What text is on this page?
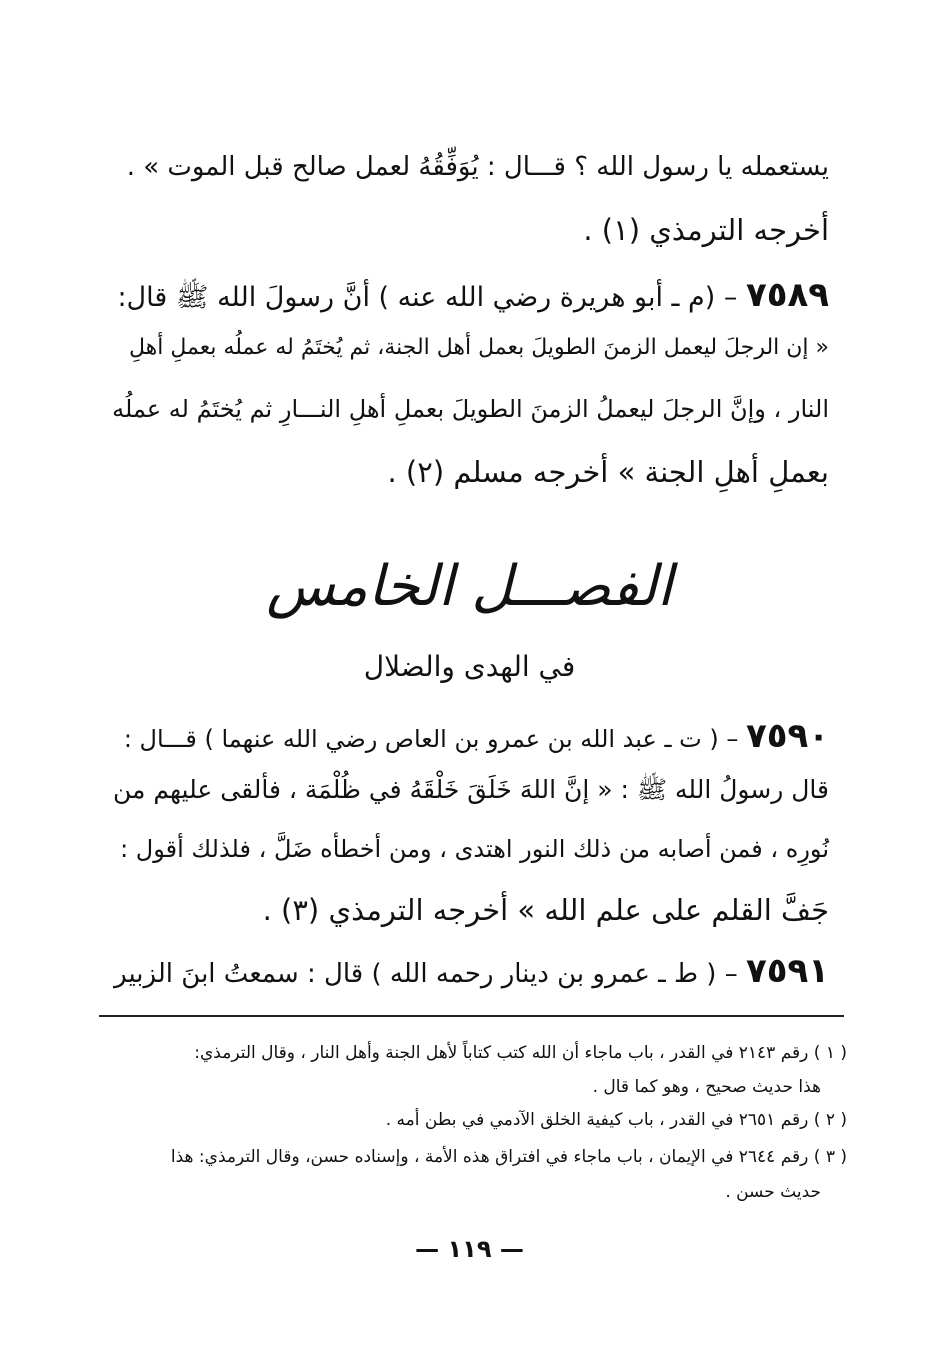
يستعمله يا رسول الله ؟ قـــال : يُوَفِّقُهُ لعمل صالح قبل الموت » .
أخرجه الترمذي (١) .
٧٥٨٩ – (م ـ أبو هريرة رضي الله عنه ) أنَّ رسولَ الله ﷺ قال:
« إن الرجلَ ليعمل الزمنَ الطويلَ بعمل أهل الجنة، ثم يُختَمُ له عملُه بعملِ أهلِ
النار ، وإنَّ الرجلَ ليعملُ الزمنَ الطويلَ بعملِ أهلِ النـــارِ ثم يُختَمُ له عملُه
بعملِ أهلِ الجنة » أخرجه مسلم (٢) .
الفصـــل الخامس
في الهدى والضلال
٧٥٩٠ – ( ت ـ عبد الله بن عمرو بن العاص رضي الله عنهما ) قـــال :
قال رسولُ الله ﷺ : « إنَّ اللهَ خَلَقَ خَلْقَهُ في ظُلْمَة ، فألقى عليهم من
نُورِه ، فمن أصابه من ذلك النور اهتدى ، ومن أخطأه ضَلَّ ، فلذلك أقول :
جَفَّ القلم على علم الله » أخرجه الترمذي (٣) .
٧٥٩١ – ( ط ـ عمرو بن دينار رحمه الله ) قال : سمعتُ ابنَ الزبير
( ١ ) رقم ٢١٤٣ في القدر ، باب ماجاء أن الله كتب كتاباً لأهل الجنة وأهل النار ، وقال الترمذي:
هذا حديث صحيح ، وهو كما قال .
( ٢ ) رقم ٢٦٥١ في القدر ، باب كيفية الخلق الآدمي في بطن أمه .
( ٣ ) رقم ٢٦٤٤ في الإيمان ، باب ماجاء في افتراق هذه الأمة ، وإسناده حسن، وقال الترمذي: هذا
حديث حسن .
— ١١٩ —
